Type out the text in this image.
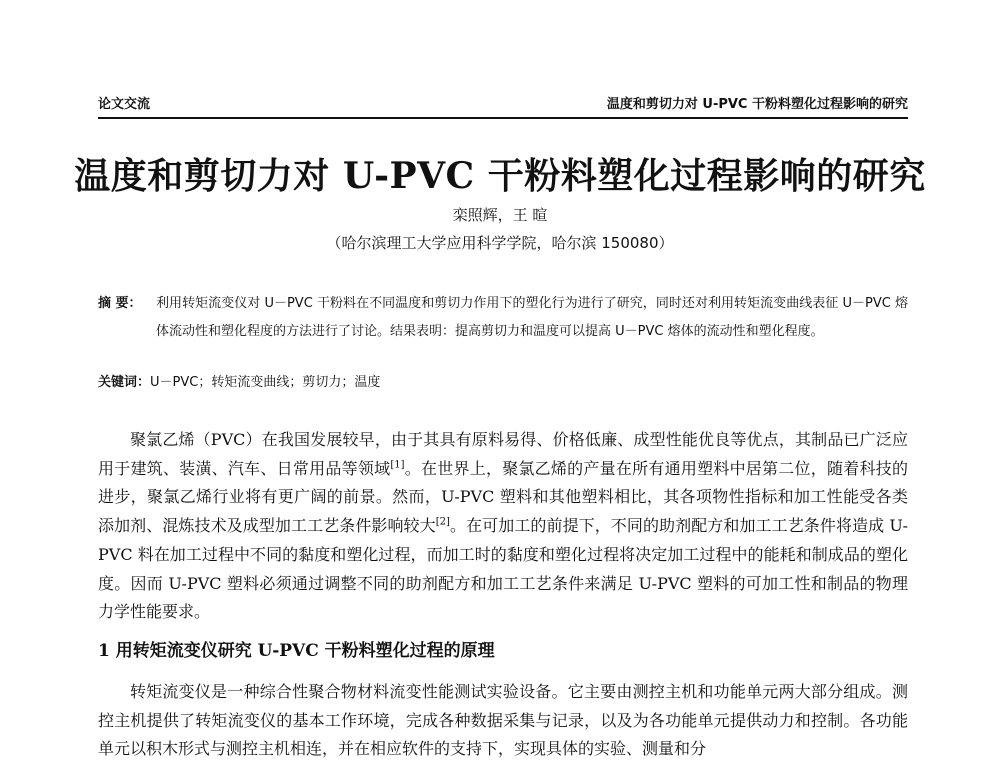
论文交流	温度和剪切力对 U-PVC 干粉料塑化过程影响的研究
温度和剪切力对 U-PVC 干粉料塑化过程影响的研究
栾照辉，王 暄
（哈尔滨理工大学应用科学学院，哈尔滨 150080）
摘 要： 利用转矩流变仪对 U－PVC 干粉料在不同温度和剪切力作用下的塑化行为进行了研究，同时还对利用转矩流变曲线表征 U－PVC 熔体流动性和塑化程度的方法进行了讨论。结果表明：提高剪切力和温度可以提高 U－PVC 熔体的流动性和塑化程度。
关键词：U－PVC；转矩流变曲线；剪切力；温度
聚氯乙烯（PVC）在我国发展较早，由于其具有原料易得、价格低廉、成型性能优良等优点，其制品已广泛应用于建筑、装潢、汽车、日常用品等领域[1]。在世界上，聚氯乙烯的产量在所有通用塑料中居第二位，随着科技的进步，聚氯乙烯行业将有更广阔的前景。然而，U-PVC 塑料和其他塑料相比，其各项物性指标和加工性能受各类添加剂、混炼技术及成型加工工艺条件影响较大[2]。在可加工的前提下，不同的助剂配方和加工工艺条件将造成 U-PVC 料在加工过程中不同的黏度和塑化过程，而加工时的黏度和塑化过程将决定加工过程中的能耗和制成品的塑化度。因而 U-PVC 塑料必须通过调整不同的助剂配方和加工工艺条件来满足 U-PVC 塑料的可加工性和制品的物理力学性能要求。
1 用转矩流变仪研究 U-PVC 干粉料塑化过程的原理
转矩流变仪是一种综合性聚合物材料流变性能测试实验设备。它主要由测控主机和功能单元两大部分组成。测控主机提供了转矩流变仪的基本工作环境，完成各种数据采集与记录，以及为各功能单元提供动力和控制。各功能单元以积木形式与测控主机相连，并在相应软件的支持下，实现具体的实验、测量和分
